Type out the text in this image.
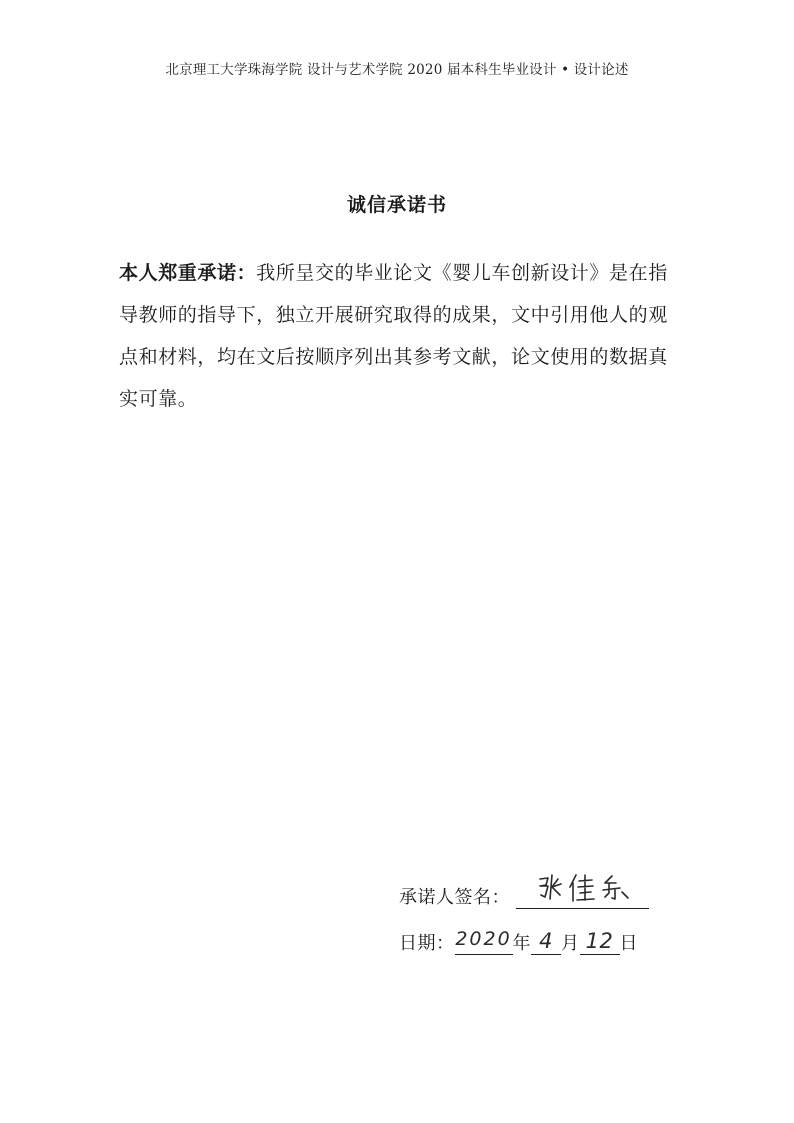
北京理工大学珠海学院 设计与艺术学院 2020 届本科生毕业设计 • 设计论述
诚信承诺书

本人郑重承诺：我所呈交的毕业论文《婴儿车创新设计》是在指导教师的指导下，独立开展研究取得的成果，文中引用他人的观点和材料，均在文后按顺序列出其参考文献，论文使用的数据真实可靠。

承诺人签名：
日期： 2020 年 4 月 12 日
